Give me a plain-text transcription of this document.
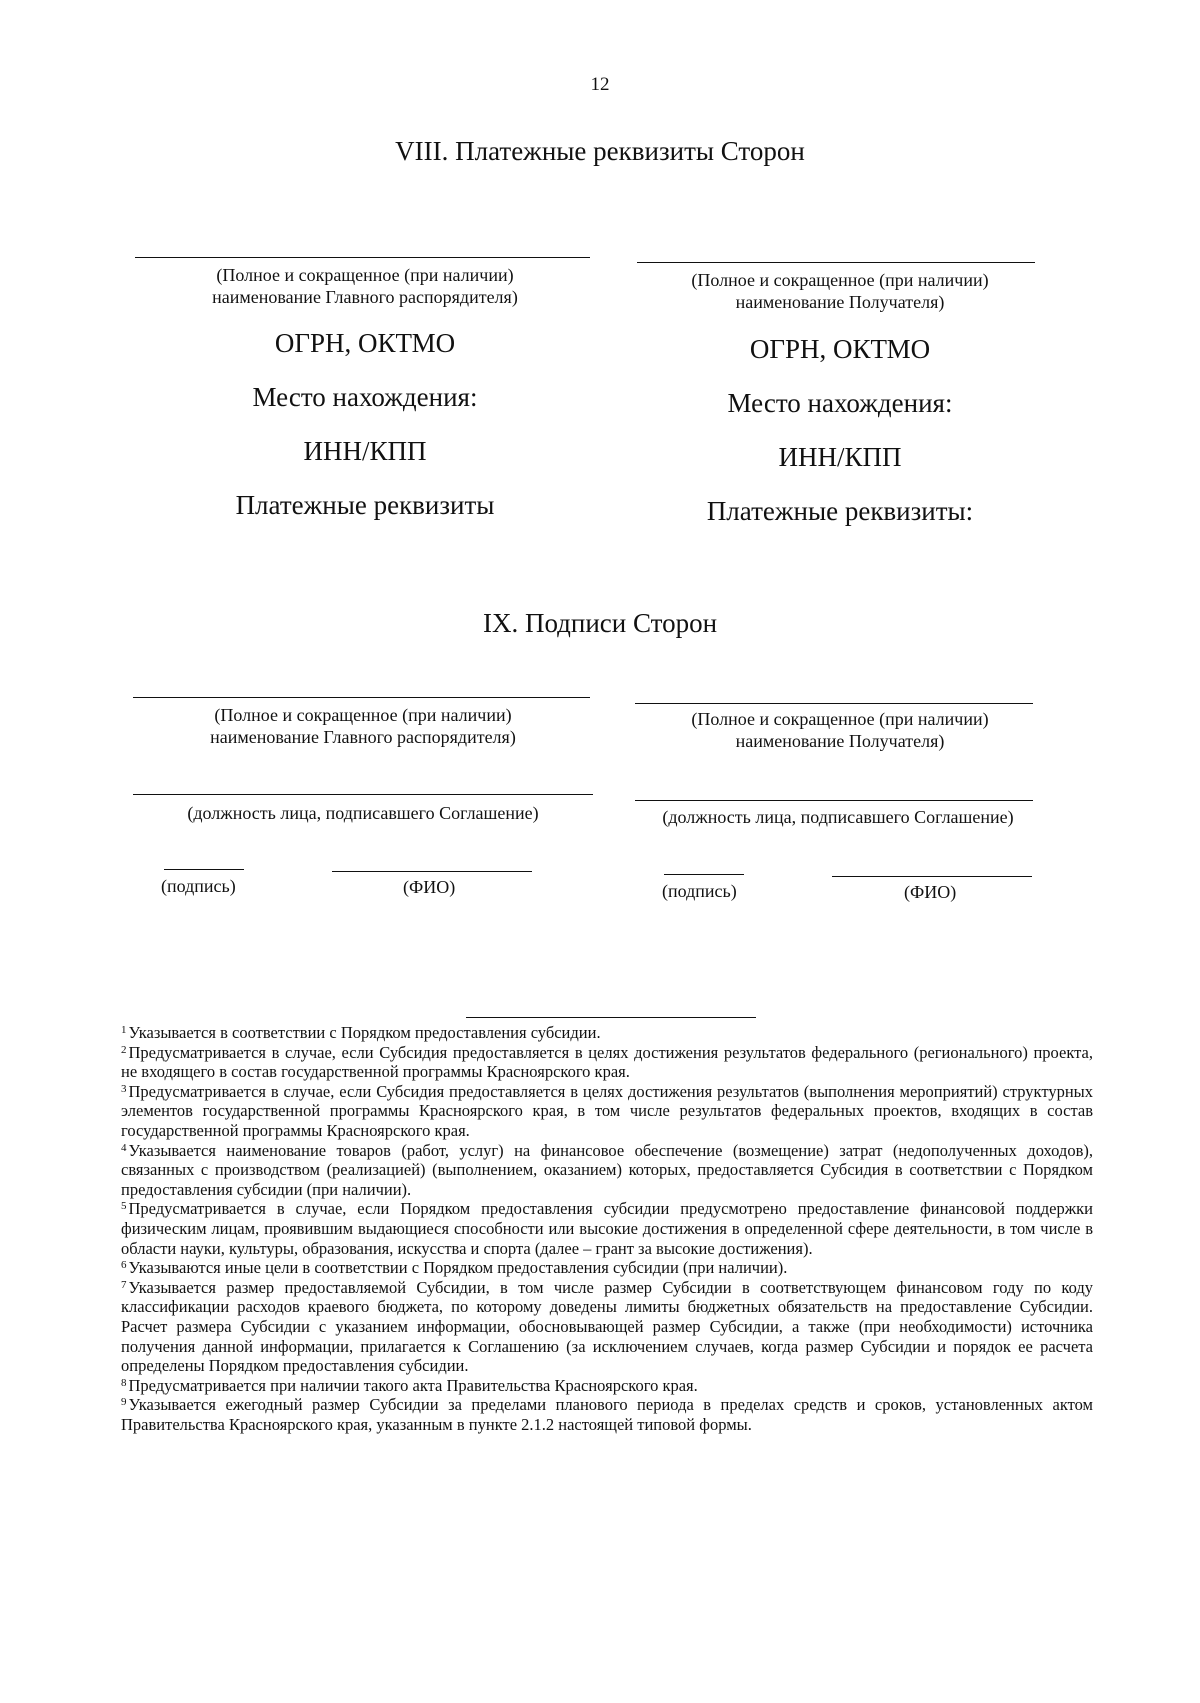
12
VIII. Платежные реквизиты Сторон
(Полное и сокращенное (при наличии)
наименование Главного распорядителя)
ОГРН, ОКТМО
Место нахождения:
ИНН/КПП
Платежные реквизиты
(Полное и сокращенное (при наличии)
наименование Получателя)
ОГРН, ОКТМО
Место нахождения:
ИНН/КПП
Платежные реквизиты:
IX. Подписи Сторон
(Полное и сокращенное (при наличии)
наименование Главного распорядителя)
(должность лица, подписавшего Соглашение)
(подпись)	(ФИО)
(Полное и сокращенное (при наличии)
наименование Получателя)
(должность лица, подписавшего Соглашение)
(подпись)	(ФИО)

$^1$ Указывается в соответствии с Порядком предоставления субсидии.

$^2$ Предусматривается в случае, если Субсидия предоставляется в целях достижения результатов федерального (регионального) проекта, не входящего в состав государственной программы Красноярского края.

$^3$ Предусматривается в случае, если Субсидия предоставляется в целях достижения результатов (выполнения мероприятий) структурных элементов государственной программы Красноярского края, в том числе результатов федеральных проектов, входящих в состав государственной программы Красноярского края.

$^4$ Указывается наименование товаров (работ, услуг) на финансовое обеспечение (возмещение) затрат (недополученных доходов), связанных с производством (реализацией) (выполнением, оказанием) которых, предоставляется Субсидия в соответствии с Порядком предоставления субсидии (при наличии).

$^5$ Предусматривается в случае, если Порядком предоставления субсидии предусмотрено предоставление финансовой поддержки физическим лицам, проявившим выдающиеся способности или высокие достижения в определенной сфере деятельности, в том числе в области науки, культуры, образования, искусства и спорта (далее – грант за высокие достижения).

$^6$ Указываются иные цели в соответствии с Порядком предоставления субсидии (при наличии).

$^7$ Указывается размер предоставляемой Субсидии, в том числе размер Субсидии в соответствующем финансовом году по коду классификации расходов краевого бюджета, по которому доведены лимиты бюджетных обязательств на предоставление Субсидии. Расчет размера Субсидии с указанием информации, обосновывающей размер Субсидии, а также (при необходимости) источника получения данной информации, прилагается к Соглашению (за исключением случаев, когда размер Субсидии и порядок ее расчета определены Порядком предоставления субсидии.

$^8$ Предусматривается при наличии такого акта Правительства Красноярского края.

$^9$ Указывается ежегодный размер Субсидии за пределами планового периода в пределах средств и сроков, установленных актом Правительства Красноярского края, указанным в пункте 2.1.2 настоящей типовой формы.
